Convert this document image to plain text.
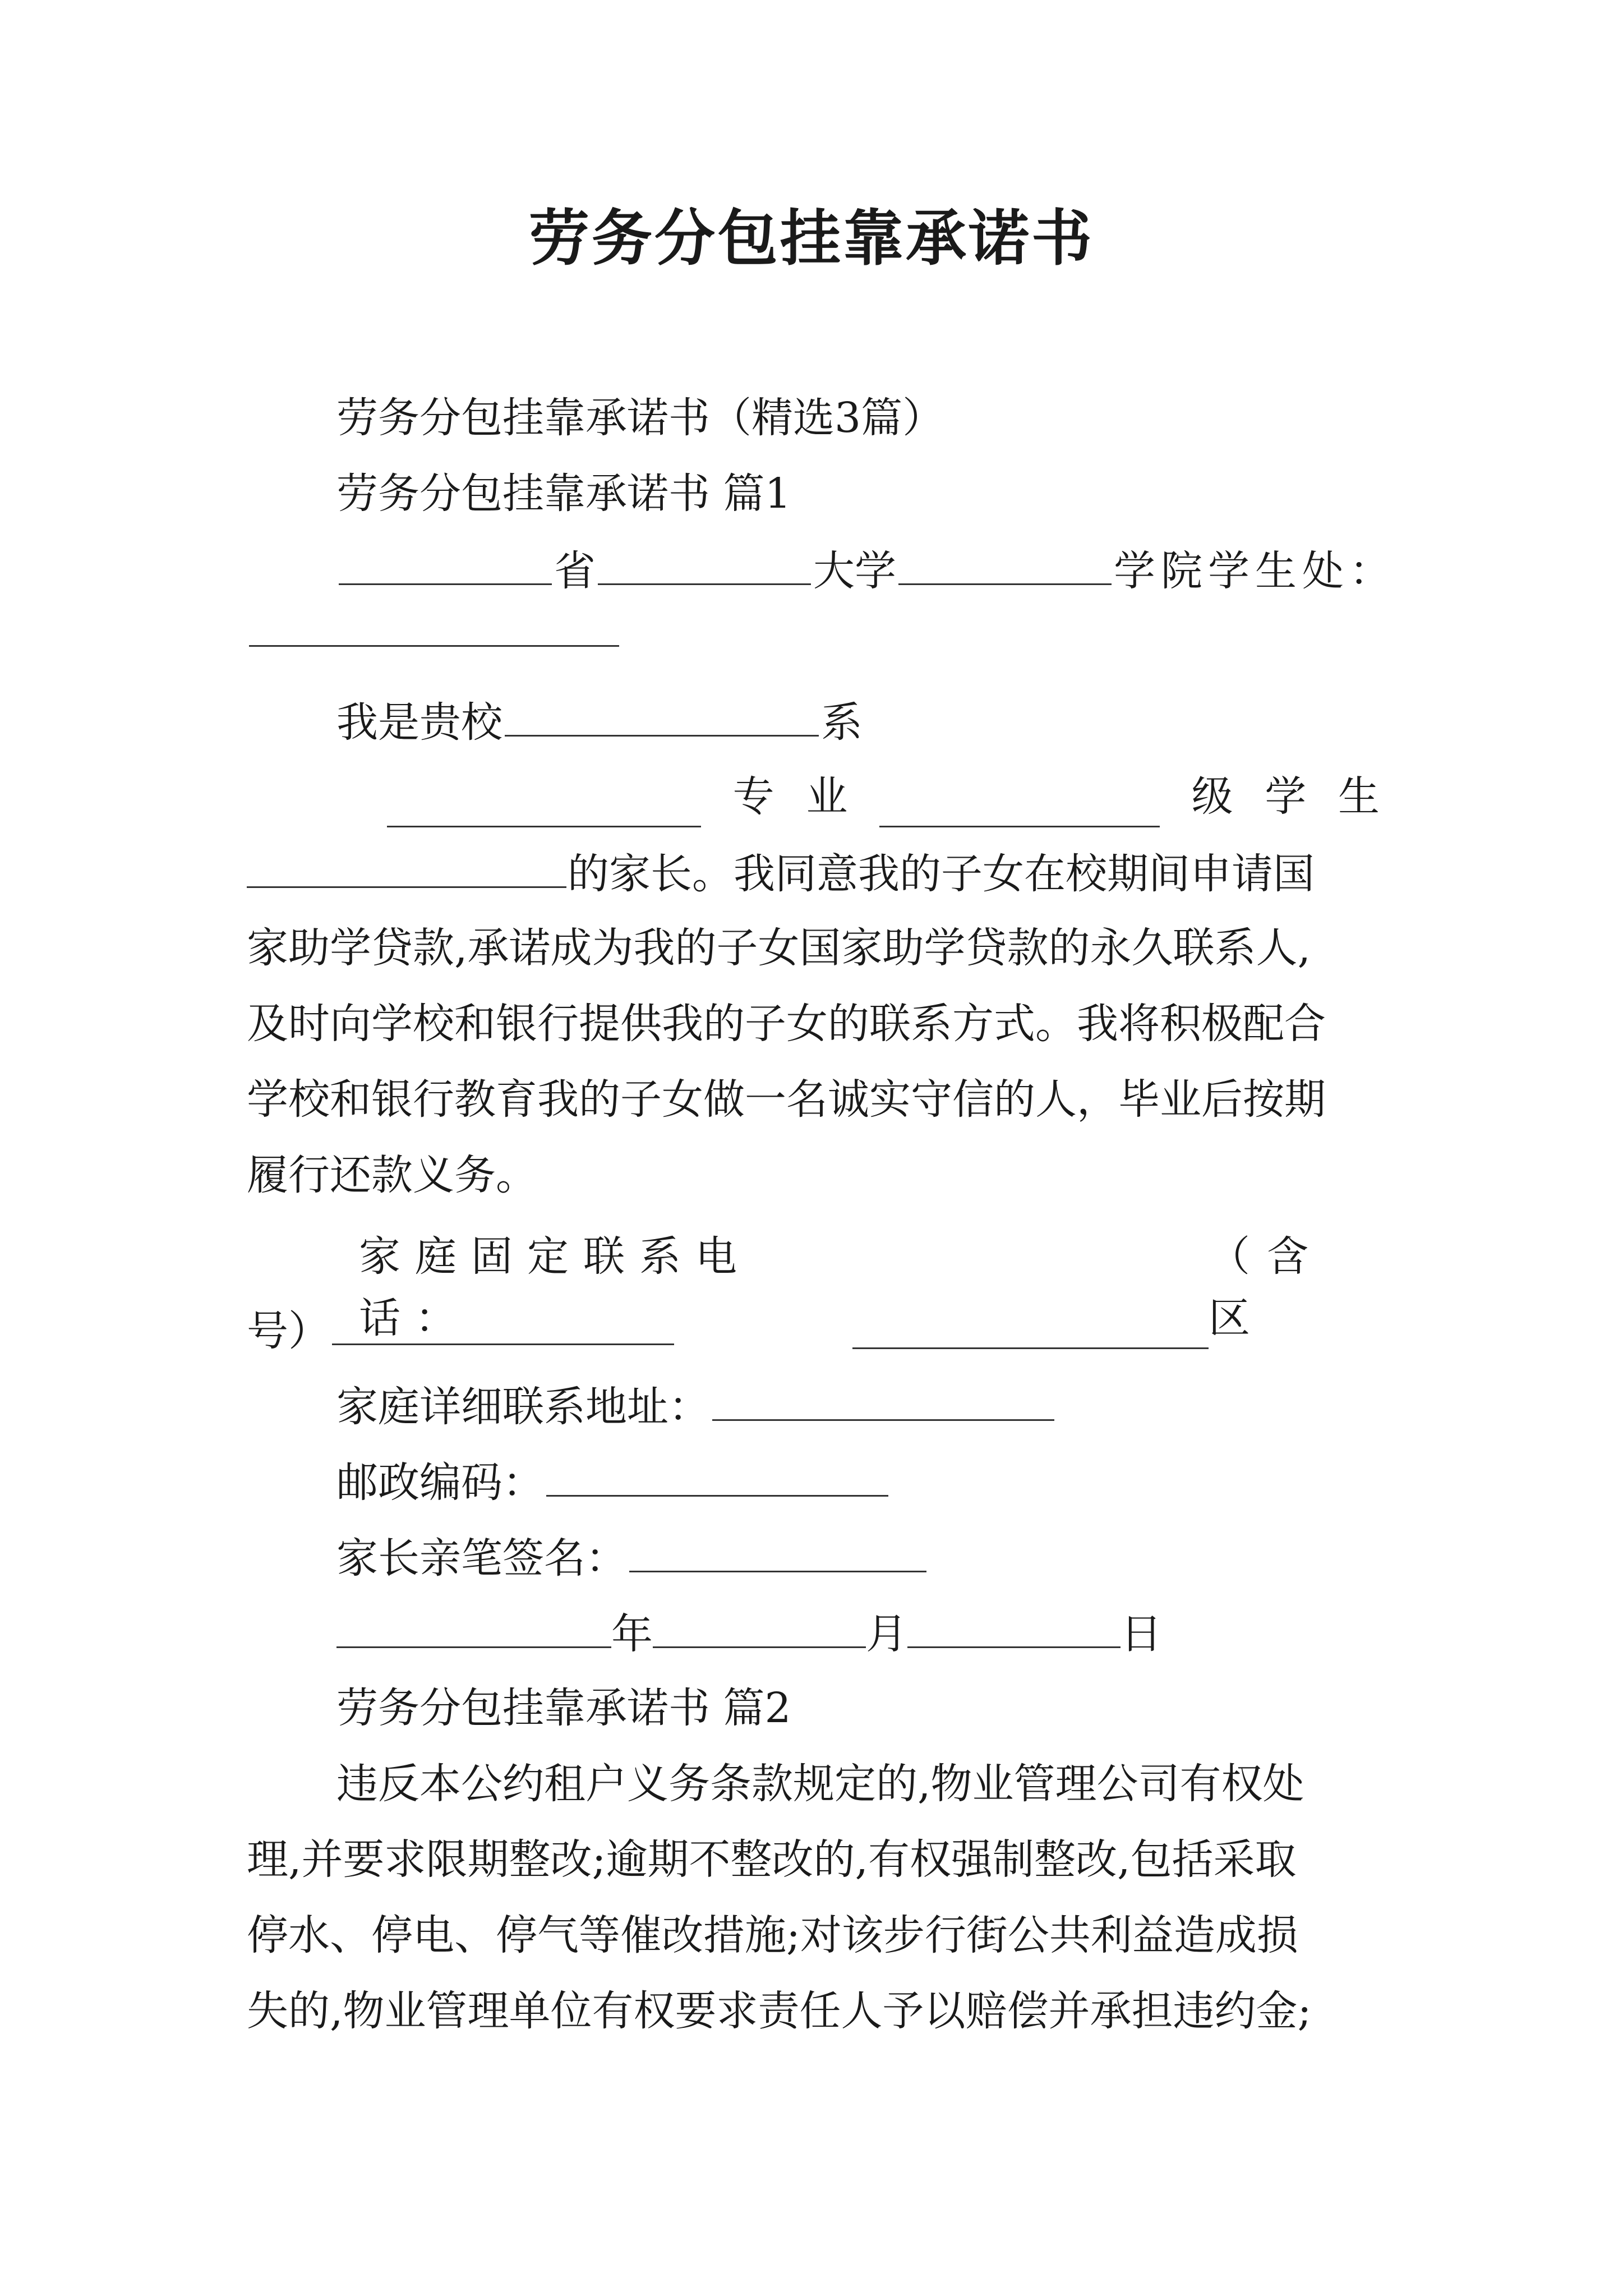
劳务分包挂靠承诺书
劳务分包挂靠承诺书（精选3篇）
劳务分包挂靠承诺书 篇1
省	大学	学院学生处：
我是贵校	系
专 业	级 学 生
的家长。我同意我的子女在校期间申请国
家助学贷款,承诺成为我的子女国家助学贷款的永久联系人,
及时向学校和银行提供我的子女的联系方式。我将积极配合
学校和银行教育我的子女做一名诚实守信的人，毕业后按期
履行还款义务。
家庭固定联系电话：
（含区
号）
家庭详细联系地址：
邮政编码：
家长亲笔签名：
年	月	日
劳务分包挂靠承诺书 篇2
违反本公约租户义务条款规定的,物业管理公司有权处
理,并要求限期整改;逾期不整改的,有权强制整改,包括采取
停水、停电、停气等催改措施;对该步行街公共利益造成损
失的,物业管理单位有权要求责任人予以赔偿并承担违约金;
